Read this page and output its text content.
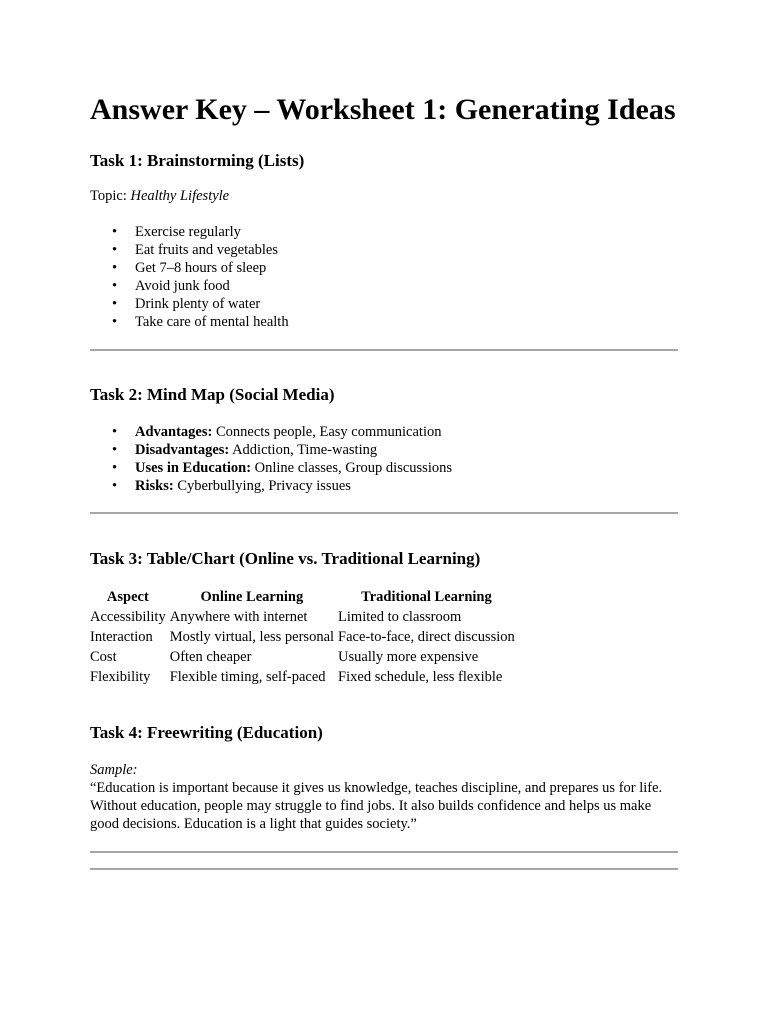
Answer Key – Worksheet 1: Generating Ideas
Task 1: Brainstorming (Lists)

Topic: Healthy Lifestyle

• Exercise regularly
• Eat fruits and vegetables
• Get 7–8 hours of sleep
• Avoid junk food
• Drink plenty of water
• Take care of mental health
Task 2: Mind Map (Social Media)
• Advantages: Connects people, Easy communication
• Disadvantages: Addiction, Time-wasting
• Uses in Education: Online classes, Group discussions
• Risks: Cyberbullying, Privacy issues
Task 3: Table/Chart (Online vs. Traditional Learning)
Aspect	Online Learning	Traditional Learning
Accessibility	Anywhere with internet	Limited to classroom
Interaction	Mostly virtual, less personal	Face-to-face, direct discussion
Cost	Often cheaper	Usually more expensive
Flexibility	Flexible timing, self-paced	Fixed schedule, less flexible
Task 4: Freewriting (Education)

Sample:
“Education is important because it gives us knowledge, teaches discipline, and prepares us for life. Without education, people may struggle to find jobs. It also builds confidence and helps us make good decisions. Education is a light that guides society.”
